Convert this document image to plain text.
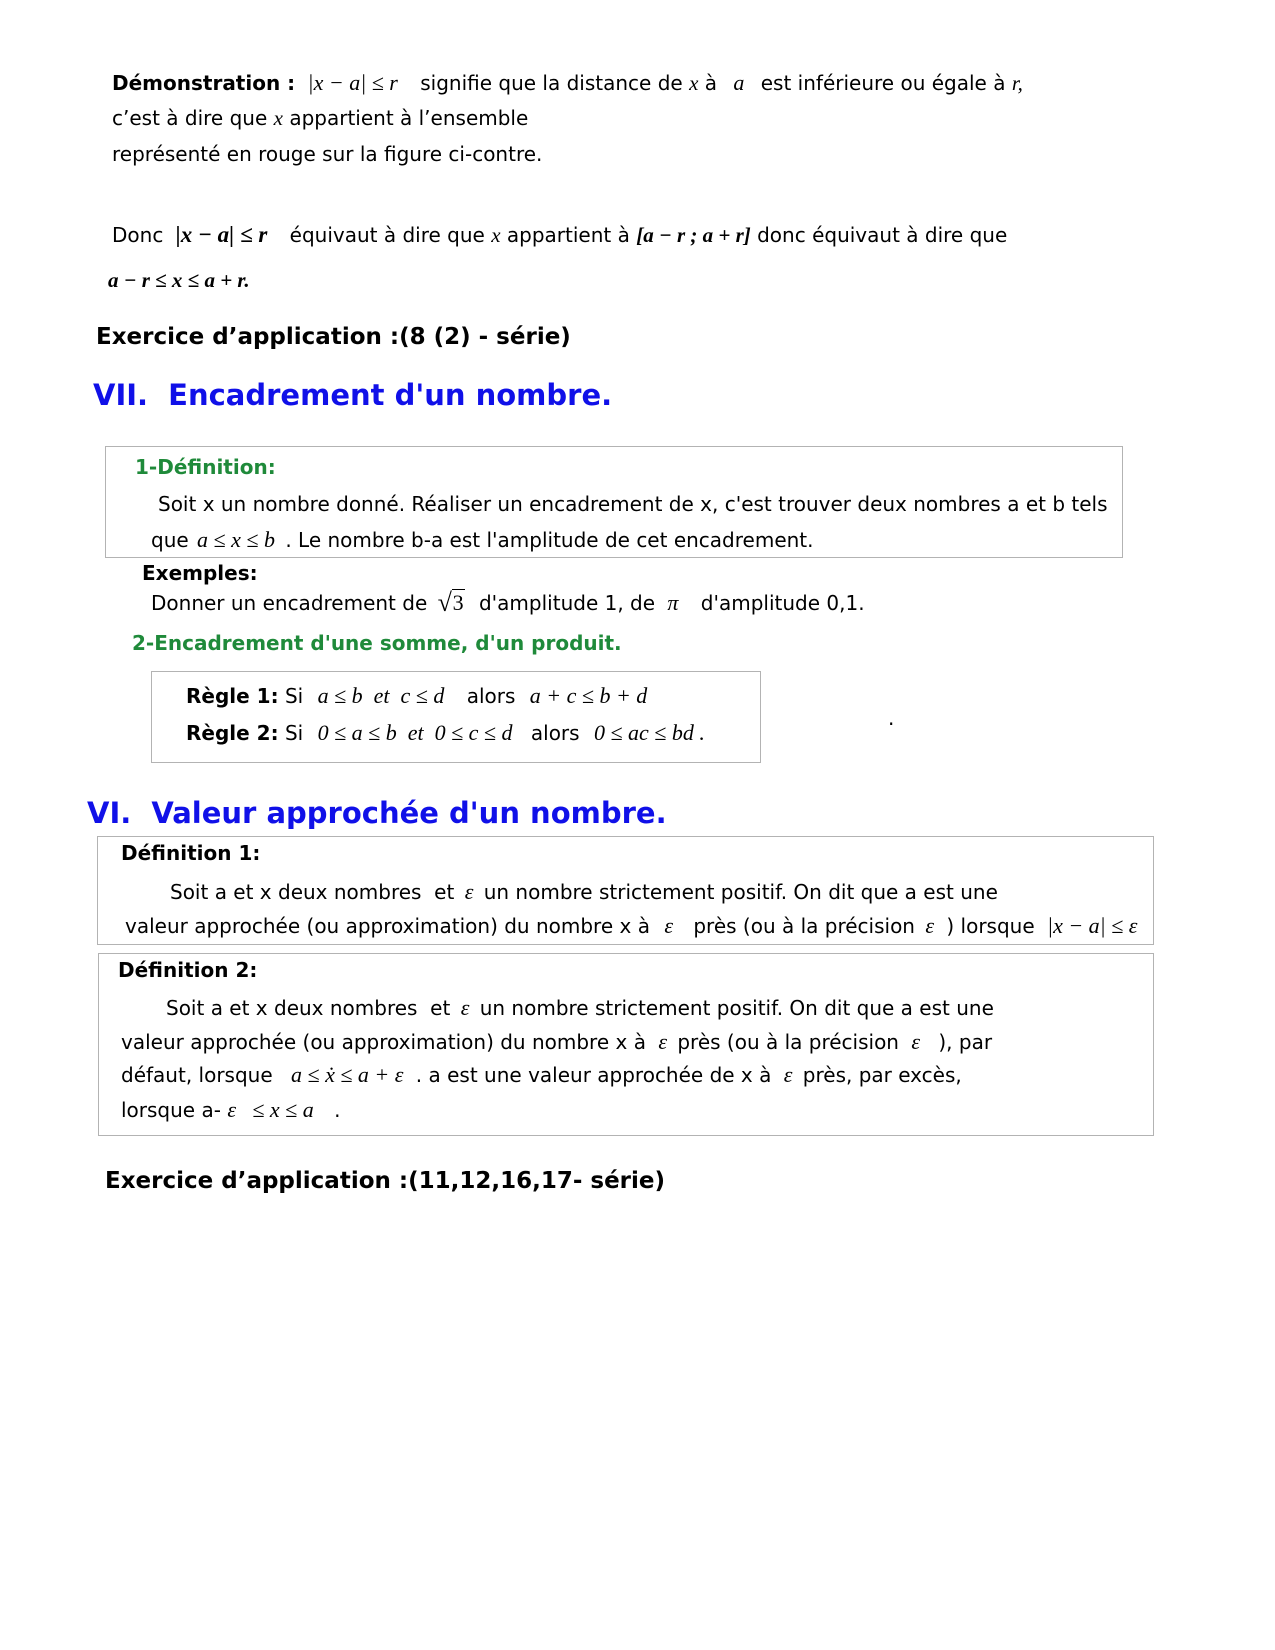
Démonstration : |x − a| ≤ r signifie que la distance de x à a est inférieure ou égale à r,
c’est à dire que x appartient à l’ensemble
représenté en rouge sur la figure ci-contre.
Donc |x − a| ≤ r équivaut à dire que x appartient à [a − r ; a + r] donc équivaut à dire que
a − r ≤ x ≤ a + r.
Exercice d’application :(8 (2) - série)
VII. Encadrement d'un nombre.
1-Définition:
Soit x un nombre donné. Réaliser un encadrement de x, c'est trouver deux nombres a et b tels
que a ≤ x ≤ b . Le nombre b-a est l'amplitude de cet encadrement.
Exemples:
Donner un encadrement de √ 3 d'amplitude 1, de π d'amplitude 0,1.
2-Encadrement d'une somme, d'un produit.
Règle 1: Si a ≤ b  et  c ≤ d alors a + c ≤ b + d
Règle 2: Si 0 ≤ a ≤ b  et  0 ≤ c ≤ d alors 0 ≤ ac ≤ bd .
.
VI. Valeur approchée d'un nombre.
Définition 1:
Soit a et x deux nombres  et ε un nombre strictement positif. On dit que a est une
valeur approchée (ou approximation) du nombre x à ε près (ou à la précision ε ) lorsque |x − a| ≤ ε
Définition 2:
Soit a et x deux nombres  et ε un nombre strictement positif. On dit que a est une
valeur approchée (ou approximation) du nombre x à ε près (ou à la précision ε ), par
défaut, lorsque a ≤ ẋ ≤ a + ε . a est une valeur approchée de x à ε près, par excès,
lorsque a- ε ≤ x ≤ a .
Exercice d’application :(11,12,16,17- série)
